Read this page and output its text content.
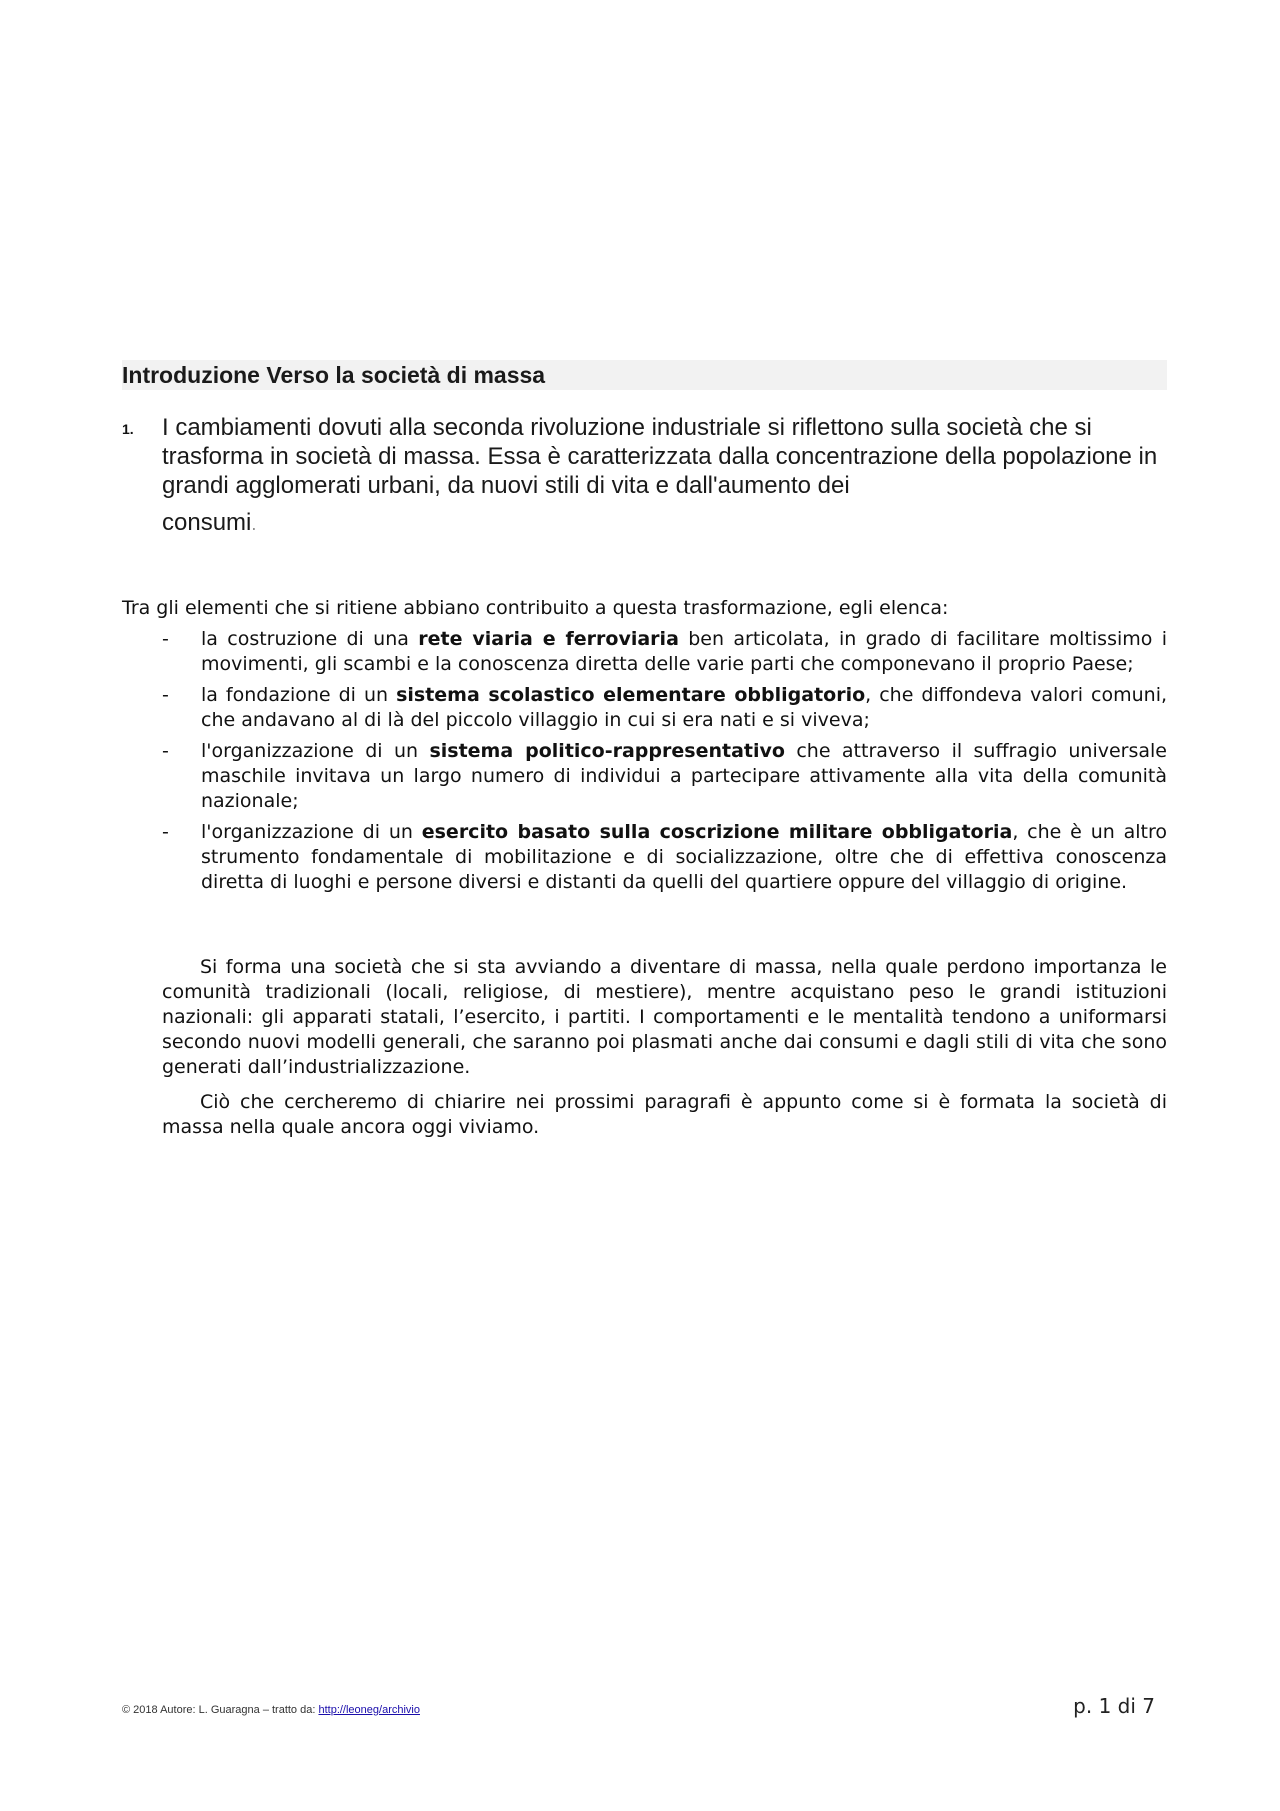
Introduzione Verso la società di massa
1. I cambiamenti dovuti alla seconda rivoluzione industriale si riflettono sulla società che si trasforma in società di massa. Essa è caratterizzata dalla concentrazione della popolazione in grandi agglomerati urbani, da nuovi stili di vita e dall'aumento dei
consumi.
Tra gli elementi che si ritiene abbiano contribuito a questa trasformazione, egli elenca:
- la costruzione di una rete viaria e ferroviaria ben articolata, in grado di facilitare moltissimo i movimenti, gli scambi e la conoscenza diretta delle varie parti che componevano il proprio Paese;
- la fondazione di un sistema scolastico elementare obbligatorio, che diffondeva valori comuni, che andavano al di là del piccolo villaggio in cui si era nati e si viveva;
- l'organizzazione di un sistema politico-rappresentativo che attraverso il suffragio universale maschile invitava un largo numero di individui a partecipare attivamente alla vita della comunità nazionale;
- l'organizzazione di un esercito basato sulla coscrizione militare obbligatoria, che è un altro strumento fondamentale di mobilitazione e di socializzazione, oltre che di effettiva conoscenza diretta di luoghi e persone diversi e distanti da quelli del quartiere oppure del villaggio di origine.

Si forma una società che si sta avviando a diventare di massa, nella quale perdono importanza le comunità tradizionali (locali, religiose, di mestiere), mentre acquistano peso le grandi istituzioni nazionali: gli apparati statali, l’esercito, i partiti. I comportamenti e le mentalità tendono a uniformarsi secondo nuovi modelli generali, che saranno poi plasmati anche dai consumi e dagli stili di vita che sono generati dall’industrializzazione.

Ciò che cercheremo di chiarire nei prossimi paragrafi è appunto come si è formata la società di massa nella quale ancora oggi viviamo.

© 2018 Autore: L. Guaragna – tratto da: http://leoneg/archivio	p. 1 di 7
